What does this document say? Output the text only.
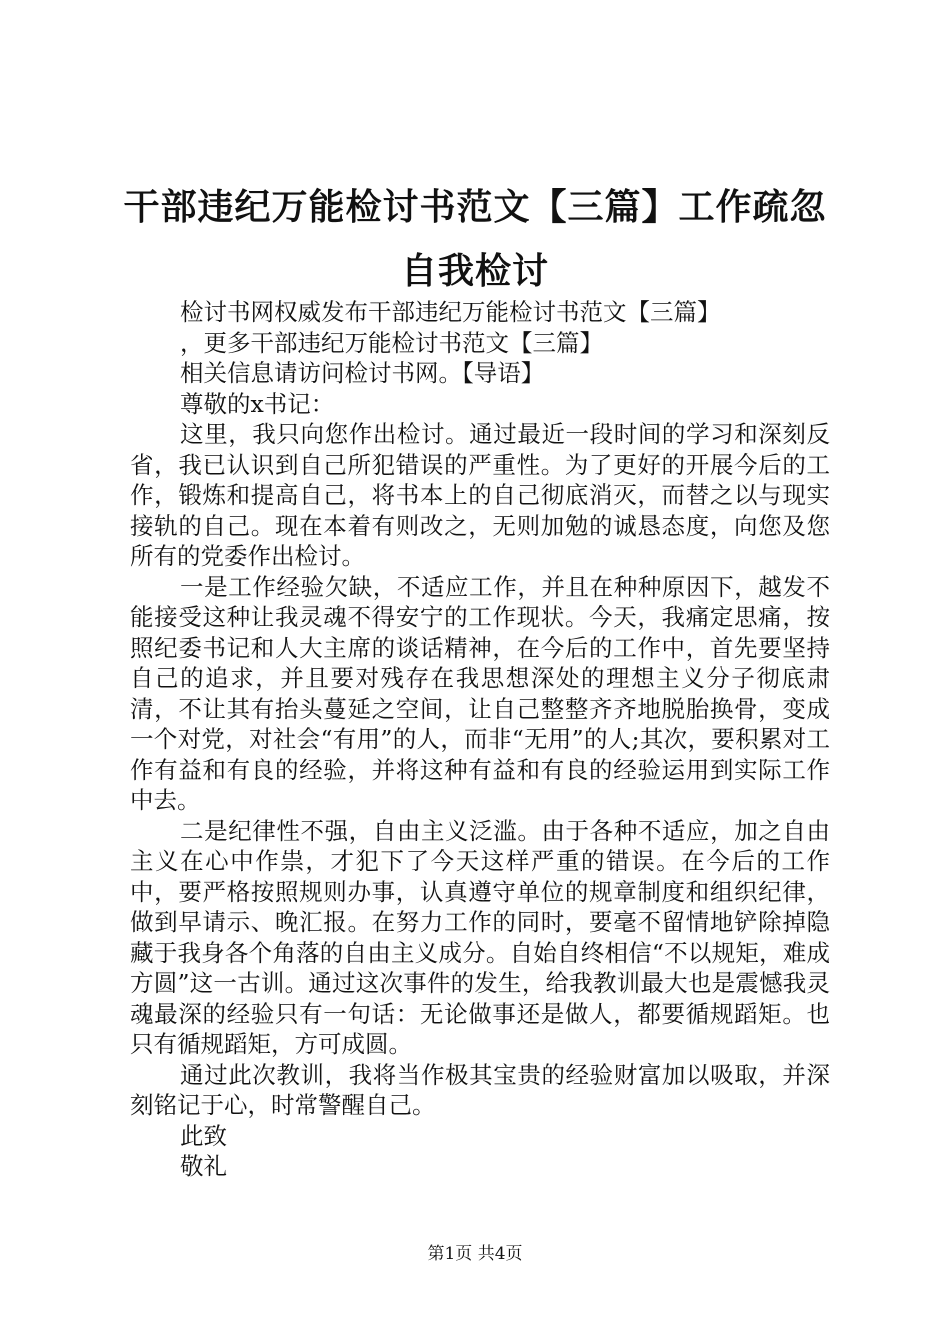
干部违纪万能检讨书范文【三篇】工作疏忽自我检讨
检讨书网权威发布干部违纪万能检讨书范文【三篇】
，更多干部违纪万能检讨书范文【三篇】
相关信息请访问检讨书网。【导语】
尊敬的x书记：

这里，我只向您作出检讨。通过最近一段时间的学习和深刻反省，我已认识到自己所犯错误的严重性。为了更好的开展今后的工作，锻炼和提高自己，将书本上的自己彻底消灭，而替之以与现实接轨的自己。现在本着有则改之，无则加勉的诚恳态度，向您及您所有的党委作出检讨。

一是工作经验欠缺，不适应工作，并且在种种原因下，越发不能接受这种让我灵魂不得安宁的工作现状。今天，我痛定思痛，按照纪委书记和人大主席的谈话精神，在今后的工作中，首先要坚持自己的追求，并且要对残存在我思想深处的理想主义分子彻底肃清，不让其有抬头蔓延之空间，让自己整整齐齐地脱胎换骨，变成一个对党，对社会“有用”的人，而非“无用”的人;其次，要积累对工作有益和有良的经验，并将这种有益和有良的经验运用到实际工作中去。

二是纪律性不强，自由主义泛滥。由于各种不适应，加之自由主义在心中作祟，才犯下了今天这样严重的错误。在今后的工作中，要严格按照规则办事，认真遵守单位的规章制度和组织纪律，做到早请示、晚汇报。在努力工作的同时，要毫不留情地铲除掉隐藏于我身各个角落的自由主义成分。自始自终相信“不以规矩，难成方圆”这一古训。通过这次事件的发生，给我教训最大也是震憾我灵魂最深的经验只有一句话：无论做事还是做人，都要循规蹈矩。也只有循规蹈矩，方可成圆。

通过此次教训，我将当作极其宝贵的经验财富加以吸取，并深刻铭记于心，时常警醒自己。

此致
敬礼
第1页 共4页
